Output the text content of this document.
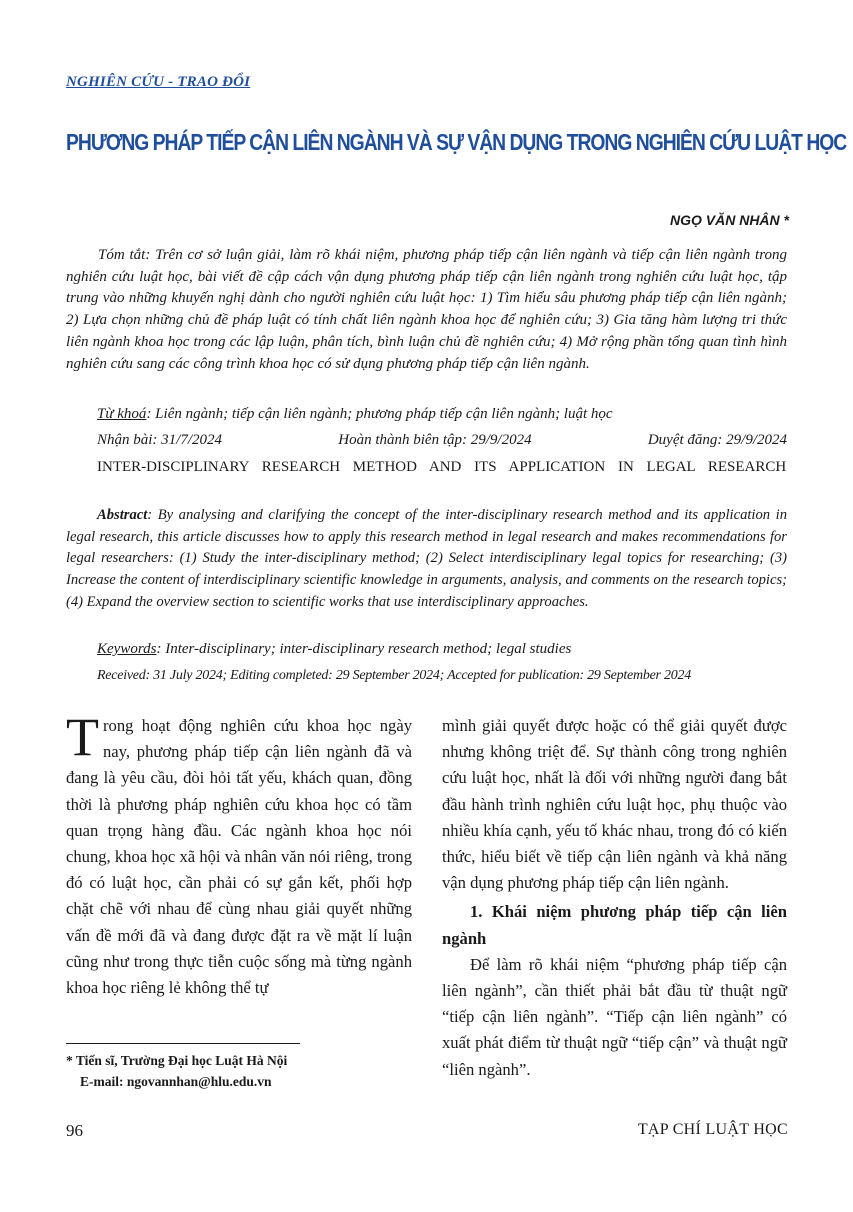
NGHIÊN CỨU - TRAO ĐỔI
PHƯƠNG PHÁP TIẾP CẬN LIÊN NGÀNH VÀ SỰ VẬN DỤNG TRONG NGHIÊN CỨU LUẬT HỌC
NGỌ VĂN NHÂN *
Tóm tắt: Trên cơ sở luận giải, làm rõ khái niệm, phương pháp tiếp cận liên ngành và tiếp cận liên ngành trong nghiên cứu luật học, bài viết đề cập cách vận dụng phương pháp tiếp cận liên ngành trong nghiên cứu luật học, tập trung vào những khuyến nghị dành cho người nghiên cứu luật học: 1) Tìm hiểu sâu phương pháp tiếp cận liên ngành; 2) Lựa chọn những chủ đề pháp luật có tính chất liên ngành khoa học để nghiên cứu; 3) Gia tăng hàm lượng tri thức liên ngành khoa học trong các lập luận, phân tích, bình luận chủ đề nghiên cứu; 4) Mở rộng phần tổng quan tình hình nghiên cứu sang các công trình khoa học có sử dụng phương pháp tiếp cận liên ngành.
Từ khoá: Liên ngành; tiếp cận liên ngành; phương pháp tiếp cận liên ngành; luật học
Nhận bài: 31/7/2024	Hoàn thành biên tập: 29/9/2024	Duyệt đăng: 29/9/2024
INTER-DISCIPLINARY RESEARCH METHOD AND ITS APPLICATION IN LEGAL RESEARCH
Abstract: By analysing and clarifying the concept of the inter-disciplinary research method and its application in legal research, this article discusses how to apply this research method in legal research and makes recommendations for legal researchers: (1) Study the inter-disciplinary method; (2) Select interdisciplinary legal topics for researching; (3) Increase the content of interdisciplinary scientific knowledge in arguments, analysis, and comments on the research topics; (4) Expand the overview section to scientific works that use interdisciplinary approaches.
Keywords: Inter-disciplinary; inter-disciplinary research method; legal studies
Received: 31 July 2024; Editing completed: 29 September 2024; Accepted for publication: 29 September 2024
T rong hoạt động nghiên cứu khoa học ngày nay, phương pháp tiếp cận liên ngành đã và đang là yêu cầu, đòi hỏi tất yếu, khách quan, đồng thời là phương pháp nghiên cứu khoa học có tầm quan trọng hàng đầu. Các ngành khoa học nói chung, khoa học xã hội và nhân văn nói riêng, trong đó có luật học, cần phải có sự gắn kết, phối hợp chặt chẽ với nhau để cùng nhau giải quyết những vấn đề mới đã và đang được đặt ra về mặt lí luận cũng như trong thực tiễn cuộc sống mà từng ngành khoa học riêng lẻ không thể tự

mình giải quyết được hoặc có thể giải quyết được nhưng không triệt để. Sự thành công trong nghiên cứu luật học, nhất là đối với những người đang bắt đầu hành trình nghiên cứu luật học, phụ thuộc vào nhiều khía cạnh, yếu tố khác nhau, trong đó có kiến thức, hiểu biết về tiếp cận liên ngành và khả năng vận dụng phương pháp tiếp cận liên ngành.

1. Khái niệm phương pháp tiếp cận liên ngành

Để làm rõ khái niệm “phương pháp tiếp cận liên ngành”, cần thiết phải bắt đầu từ thuật ngữ “tiếp cận liên ngành”. “Tiếp cận liên ngành” có xuất phát điểm từ thuật ngữ “tiếp cận” và thuật ngữ “liên ngành”.

* Tiến sĩ, Trường Đại học Luật Hà Nội
E-mail: ngovannhan@hlu.edu.vn
96	TẠP CHÍ LUẬT HỌC
